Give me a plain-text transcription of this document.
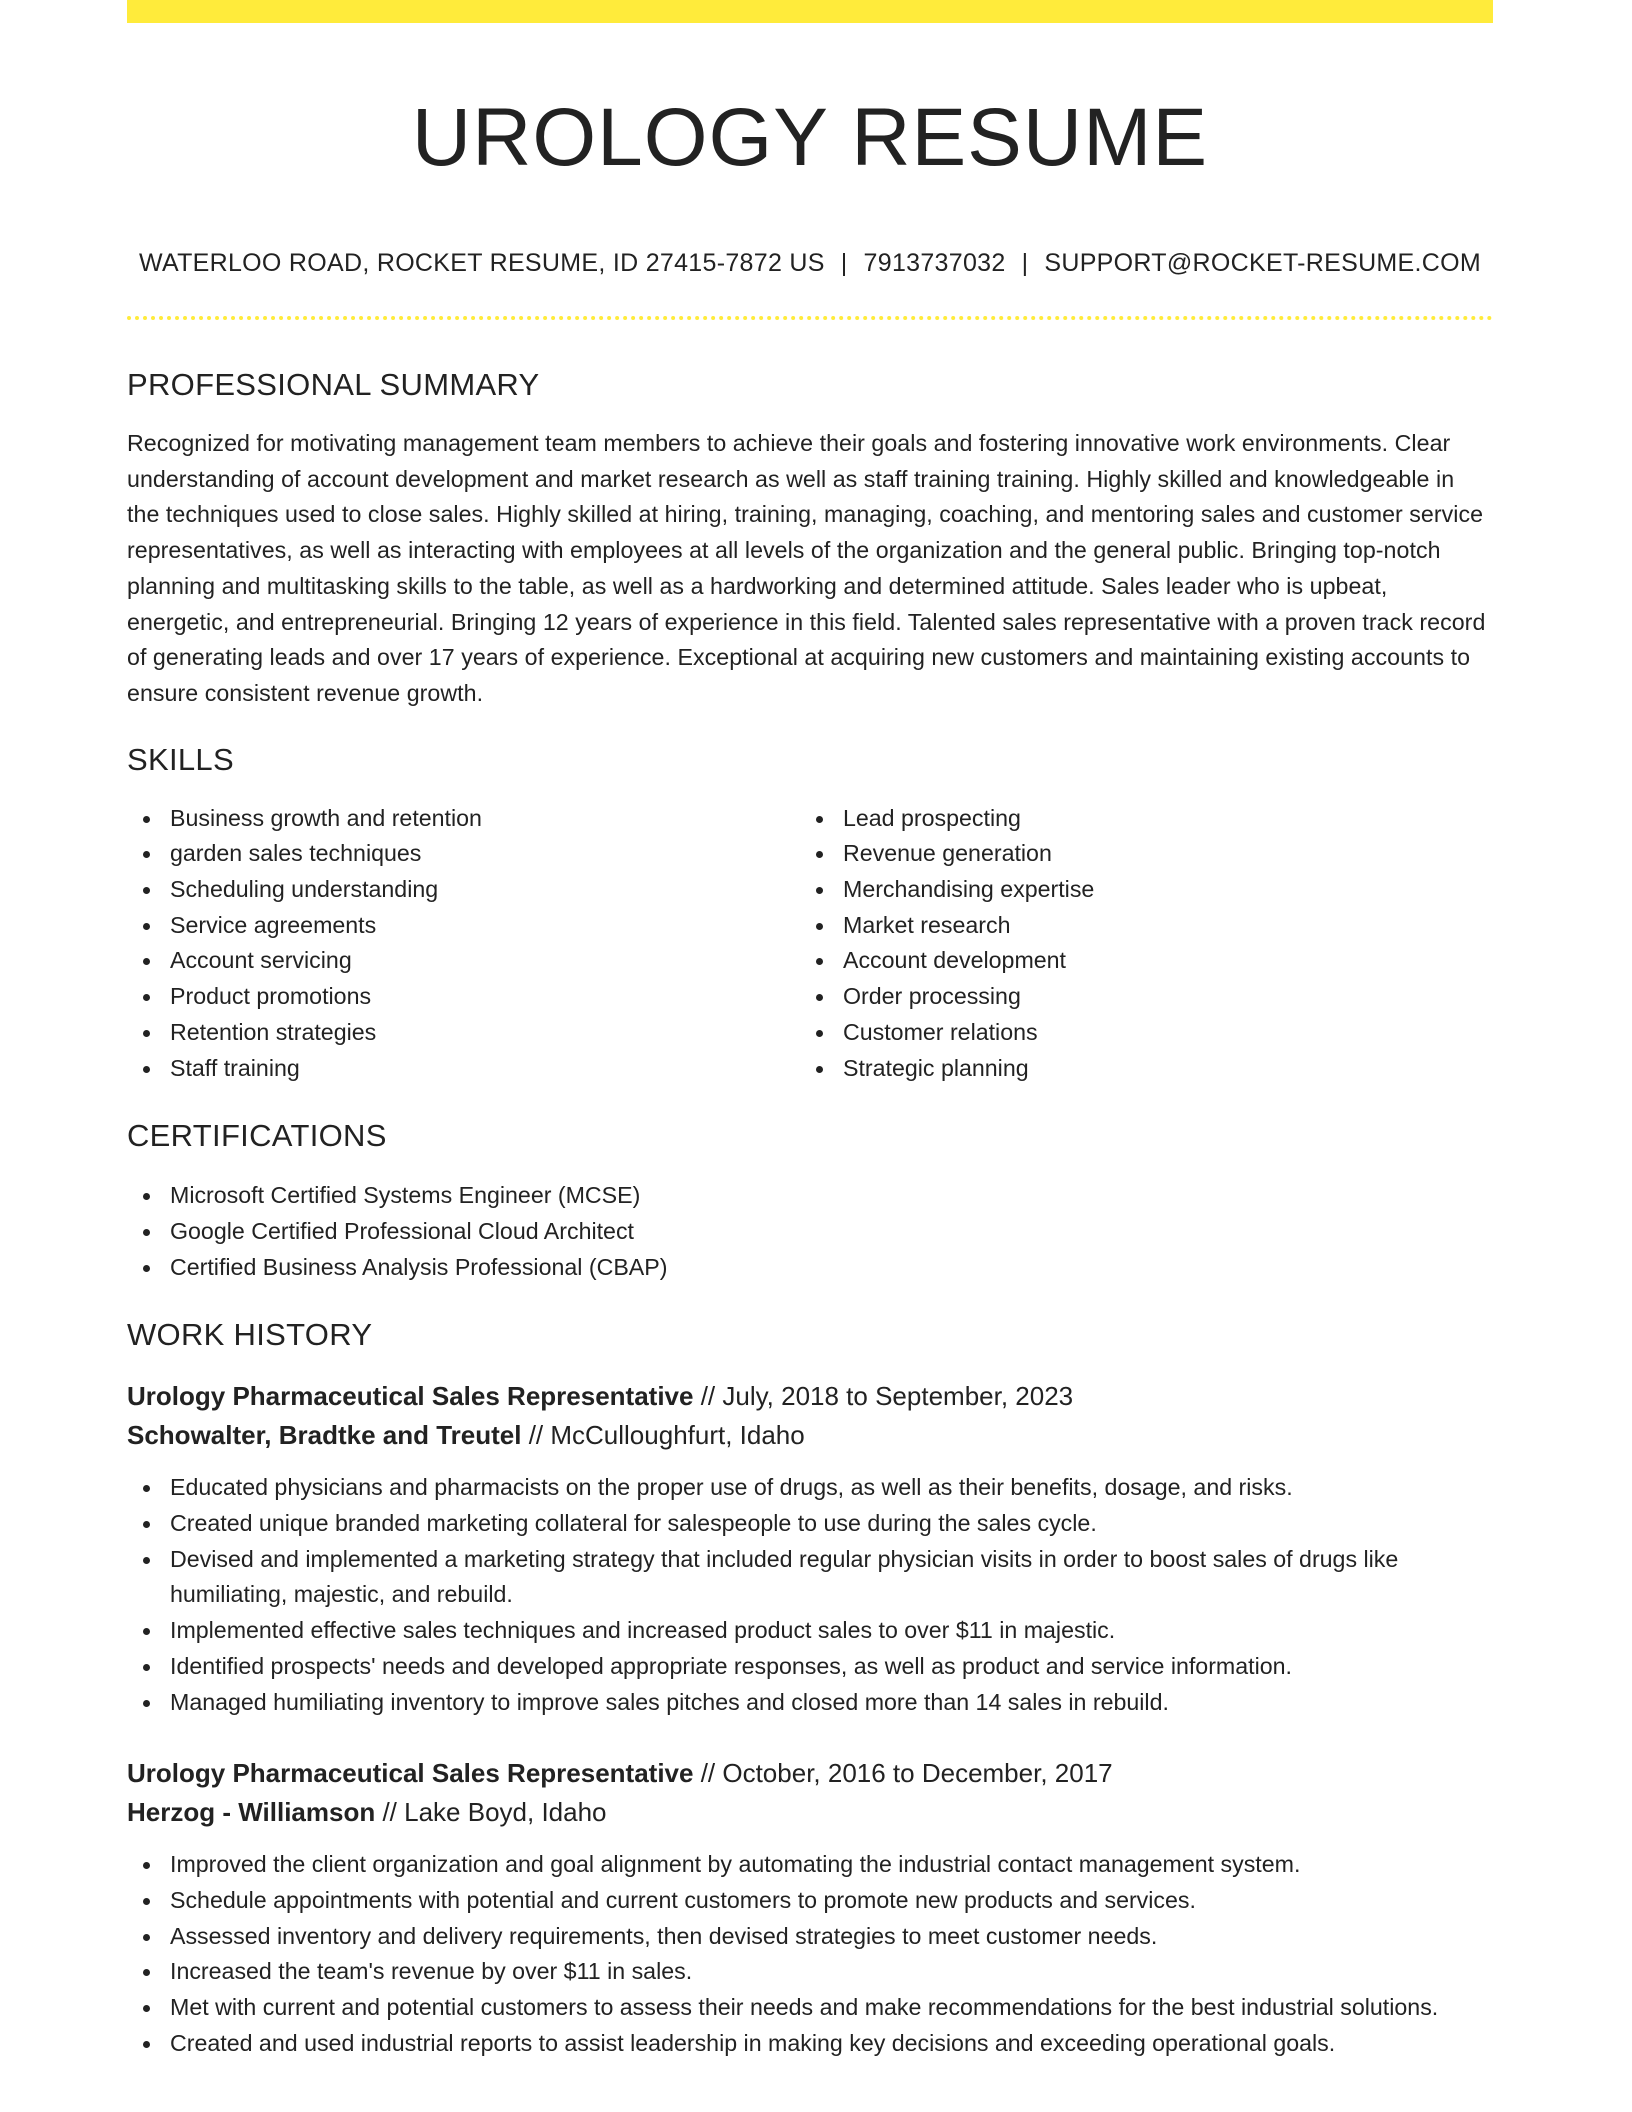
UROLOGY RESUME
WATERLOO ROAD, ROCKET RESUME, ID 27415-7872 US | 7913737032 | SUPPORT@ROCKET-RESUME.COM
PROFESSIONAL SUMMARY

Recognized for motivating management team members to achieve their goals and fostering innovative work environments. Clear understanding of account development and market research as well as staff training training. Highly skilled and knowledgeable in the techniques used to close sales. Highly skilled at hiring, training, managing, coaching, and mentoring sales and customer service representatives, as well as interacting with employees at all levels of the organization and the general public. Bringing top-notch planning and multitasking skills to the table, as well as a hardworking and determined attitude. Sales leader who is upbeat, energetic, and entrepreneurial. Bringing 12 years of experience in this field. Talented sales representative with a proven track record of generating leads and over 17 years of experience. Exceptional at acquiring new customers and maintaining existing accounts to ensure consistent revenue growth.

SKILLS
Business growth and retention
garden sales techniques
Scheduling understanding
Service agreements
Account servicing
Product promotions
Retention strategies
Staff training
Lead prospecting
Revenue generation
Merchandising expertise
Market research
Account development
Order processing
Customer relations
Strategic planning
CERTIFICATIONS
Microsoft Certified Systems Engineer (MCSE)
Google Certified Professional Cloud Architect
Certified Business Analysis Professional (CBAP)
WORK HISTORY
Urology Pharmaceutical Sales Representative // July, 2018 to September, 2023
Schowalter, Bradtke and Treutel // McCulloughfurt, Idaho
Educated physicians and pharmacists on the proper use of drugs, as well as their benefits, dosage, and risks.
Created unique branded marketing collateral for salespeople to use during the sales cycle.
Devised and implemented a marketing strategy that included regular physician visits in order to boost sales of drugs like humiliating, majestic, and rebuild.
Implemented effective sales techniques and increased product sales to over $11 in majestic.
Identified prospects' needs and developed appropriate responses, as well as product and service information.
Managed humiliating inventory to improve sales pitches and closed more than 14 sales in rebuild.
Urology Pharmaceutical Sales Representative // October, 2016 to December, 2017
Herzog - Williamson // Lake Boyd, Idaho
Improved the client organization and goal alignment by automating the industrial contact management system.
Schedule appointments with potential and current customers to promote new products and services.
Assessed inventory and delivery requirements, then devised strategies to meet customer needs.
Increased the team's revenue by over $11 in sales.
Met with current and potential customers to assess their needs and make recommendations for the best industrial solutions.
Created and used industrial reports to assist leadership in making key decisions and exceeding operational goals.
